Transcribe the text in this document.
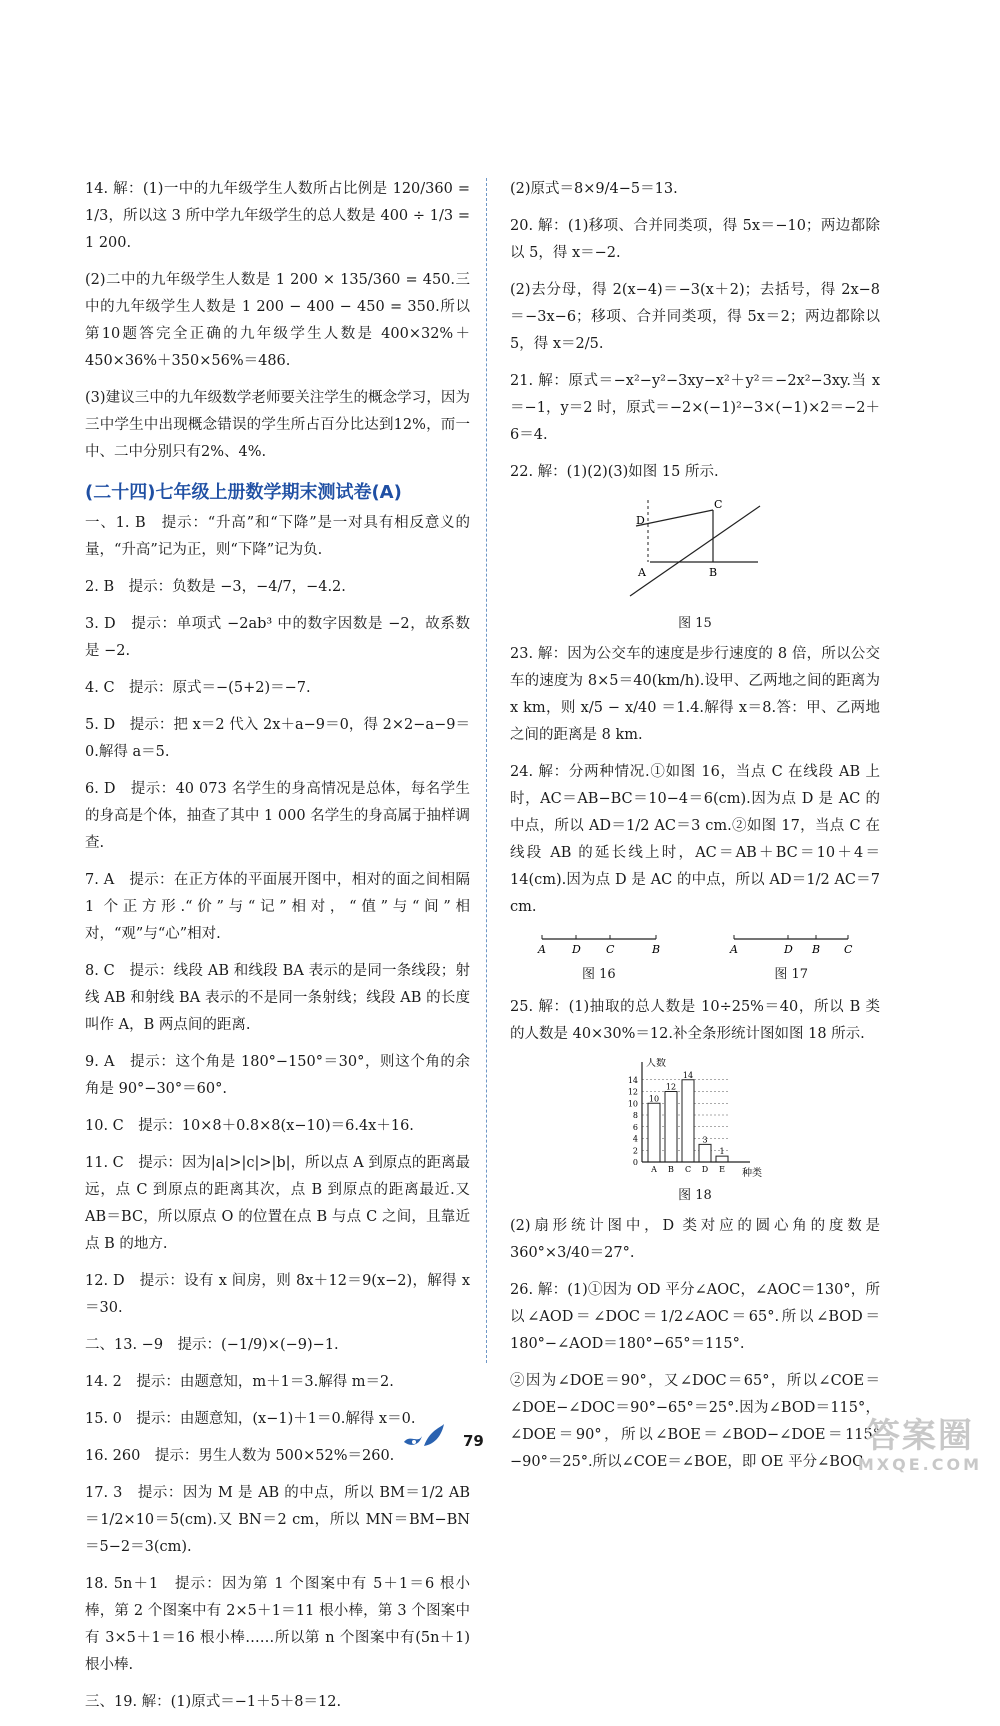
14. 解：(1)一中的九年级学生人数所占比例是 120/360 = 1/3，所以这 3 所中学九年级学生的总人数是 400 ÷ 1/3 = 1 200.

(2)二中的九年级学生人数是 1 200 × 135/360 = 450.三中的九年级学生人数是 1 200 − 400 − 450 = 350.所以第10题答完全正确的九年级学生人数是 400×32%＋450×36%＋350×56%＝486.

(3)建议三中的九年级数学老师要关注学生的概念学习，因为三中学生中出现概念错误的学生所占百分比达到12%，而一中、二中分别只有2%、4%.

(二十四)七年级上册数学期末测试卷(A)

一、1. B　提示：“升高”和“下降”是一对具有相反意义的量，“升高”记为正，则“下降”记为负.

2. B　提示：负数是 −3，−4/7，−4.2.

3. D　提示：单项式 −2ab³ 中的数字因数是 −2，故系数是 −2.

4. C　提示：原式＝−(5+2)＝−7.

5. D　提示：把 x＝2 代入 2x＋a−9＝0，得 2×2−a−9＝0.解得 a＝5.

6. D　提示：40 073 名学生的身高情况是总体，每名学生的身高是个体，抽查了其中 1 000 名学生的身高属于抽样调查.

7. A　提示：在正方体的平面展开图中，相对的面之间相隔 1 个正方形.“价”与“记”相对，“值”与“间”相对，“观”与“心”相对.

8. C　提示：线段 AB 和线段 BA 表示的是同一条线段；射线 AB 和射线 BA 表示的不是同一条射线；线段 AB 的长度叫作 A，B 两点间的距离.

9. A　提示：这个角是 180°−150°＝30°，则这个角的余角是 90°−30°＝60°.

10. C　提示：10×8＋0.8×8(x−10)＝6.4x＋16.

11. C　提示：因为|a|>|c|>|b|，所以点 A 到原点的距离最远，点 C 到原点的距离其次，点 B 到原点的距离最近.又 AB＝BC，所以原点 O 的位置在点 B 与点 C 之间，且靠近点 B 的地方.

12. D　提示：设有 x 间房，则 8x＋12＝9(x−2)，解得 x＝30.

二、13. −9　提示：(−1/9)×(−9)−1.

14. 2　提示：由题意知，m＋1＝3.解得 m＝2.

15. 0　提示：由题意知，(x−1)＋1＝0.解得 x＝0.

16. 260　提示：男生人数为 500×52%＝260.

17. 3　提示：因为 M 是 AB 的中点，所以 BM＝1/2 AB＝1/2×10＝5(cm).又 BN＝2 cm，所以 MN＝BM−BN＝5−2＝3(cm).

18. 5n＋1　提示：因为第 1 个图案中有 5＋1＝6 根小棒，第 2 个图案中有 2×5＋1＝11 根小棒，第 3 个图案中有 3×5＋1＝16 根小棒……所以第 n 个图案中有(5n＋1)根小棒.

三、19. 解：(1)原式＝−1＋5＋8＝12.

(2)原式＝8×9/4−5＝13.

20. 解：(1)移项、合并同类项，得 5x＝−10；两边都除以 5，得 x＝−2.

(2)去分母，得 2(x−4)＝−3(x＋2)；去括号，得 2x−8＝−3x−6；移项、合并同类项，得 5x＝2；两边都除以 5，得 x＝2/5.

21. 解：原式＝−x²−y²−3xy−x²＋y²＝−2x²−3xy.当 x＝−1，y＝2 时，原式＝−2×(−1)²−3×(−1)×2＝−2＋6＝4.

22. 解：(1)(2)(3)如图 15 所示.

A	B
C
D
图 15

23. 解：因为公交车的速度是步行速度的 8 倍，所以公交车的速度为 8×5＝40(km/h).设甲、乙两地之间的距离为 x km，则 x/5 − x/40 ＝1.4.解得 x＝8.答：甲、乙两地之间的距离是 8 km.

24. 解：分两种情况.①如图 16，当点 C 在线段 AB 上时，AC＝AB−BC＝10−4＝6(cm).因为点 D 是 AC 的中点，所以 AD＝1/2 AC＝3 cm.②如图 17，当点 C 在线段 AB 的延长线上时，AC＝AB＋BC＝10＋4＝14(cm).因为点 D 是 AC 的中点，所以 AD＝1/2 AC＝7 cm.

A D C	B
图 16
A	D B C
图 17

25. 解：(1)抽取的总人数是 10÷25%＝40，所以 B 类的人数是 40×30%＝12.补全条形统计图如图 18 所示.

10
12
14
3
1
0
2
4
6
8
10
12
14
A B C D E
人数
种类
图 18

(2)扇形统计图中，D 类对应的圆心角的度数是 360°×3/40＝27°.

26. 解：(1)①因为 OD 平分∠AOC，∠AOC＝130°，所以∠AOD＝∠DOC＝1/2∠AOC＝65°.所以∠BOD＝180°−∠AOD＝180°−65°＝115°.

②因为∠DOE＝90°，又∠DOC＝65°，所以∠COE＝∠DOE−∠DOC＝90°−65°＝25°.因为∠BOD＝115°，∠DOE＝90°，所以∠BOE＝∠BOD−∠DOE＝115°−90°＝25°.所以∠COE＝∠BOE，即 OE 平分∠BOC.

79	答案圈
MXQE.COM
